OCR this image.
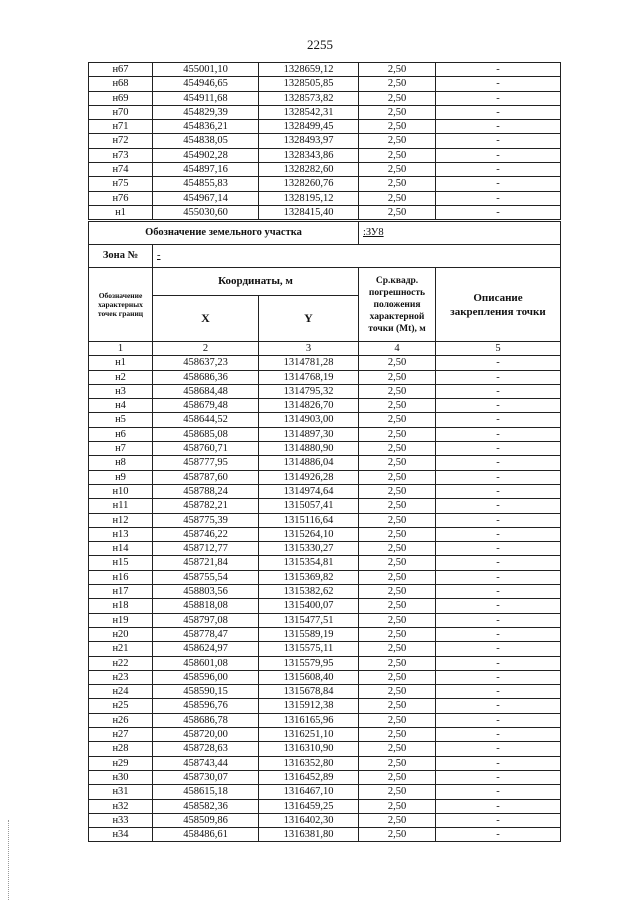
2255
н67	455001,10	1328659,12	2,50	-
н68	454946,65	1328505,85	2,50	-
н69	454911,68	1328573,82	2,50	-
н70	454829,39	1328542,31	2,50	-
н71	454836,21	1328499,45	2,50	-
н72	454838,05	1328493,97	2,50	-
н73	454902,28	1328343,86	2,50	-
н74	454897,16	1328282,60	2,50	-
н75	454855,83	1328260,76	2,50	-
н76	454967,14	1328195,12	2,50	-
н1	455030,60	1328415,40	2,50	-
Обозначение земельного участка			:ЗУ8	
Зона №	-			
Обозначение характерных точек границ	Координаты, м		Ср.квадр. погрешность положения характерной точки (Mt), м	Описание закрепления точки
	X	Y		
1	2	3	4	5
н1	458637,23	1314781,28	2,50	-
н2	458686,36	1314768,19	2,50	-
н3	458684,48	1314795,32	2,50	-
н4	458679,48	1314826,70	2,50	-
н5	458644,52	1314903,00	2,50	-
н6	458685,08	1314897,30	2,50	-
н7	458760,71	1314880,90	2,50	-
н8	458777,95	1314886,04	2,50	-
н9	458787,60	1314926,28	2,50	-
н10	458788,24	1314974,64	2,50	-
н11	458782,21	1315057,41	2,50	-
н12	458775,39	1315116,64	2,50	-
н13	458746,22	1315264,10	2,50	-
н14	458712,77	1315330,27	2,50	-
н15	458721,84	1315354,81	2,50	-
н16	458755,54	1315369,82	2,50	-
н17	458803,56	1315382,62	2,50	-
н18	458818,08	1315400,07	2,50	-
н19	458797,08	1315477,51	2,50	-
н20	458778,47	1315589,19	2,50	-
н21	458624,97	1315575,11	2,50	-
н22	458601,08	1315579,95	2,50	-
н23	458596,00	1315608,40	2,50	-
н24	458590,15	1315678,84	2,50	-
н25	458596,76	1315912,38	2,50	-
н26	458686,78	1316165,96	2,50	-
н27	458720,00	1316251,10	2,50	-
н28	458728,63	1316310,90	2,50	-
н29	458743,44	1316352,80	2,50	-
н30	458730,07	1316452,89	2,50	-
н31	458615,18	1316467,10	2,50	-
н32	458582,36	1316459,25	2,50	-
н33	458509,86	1316402,30	2,50	-
н34	458486,61	1316381,80	2,50	-
